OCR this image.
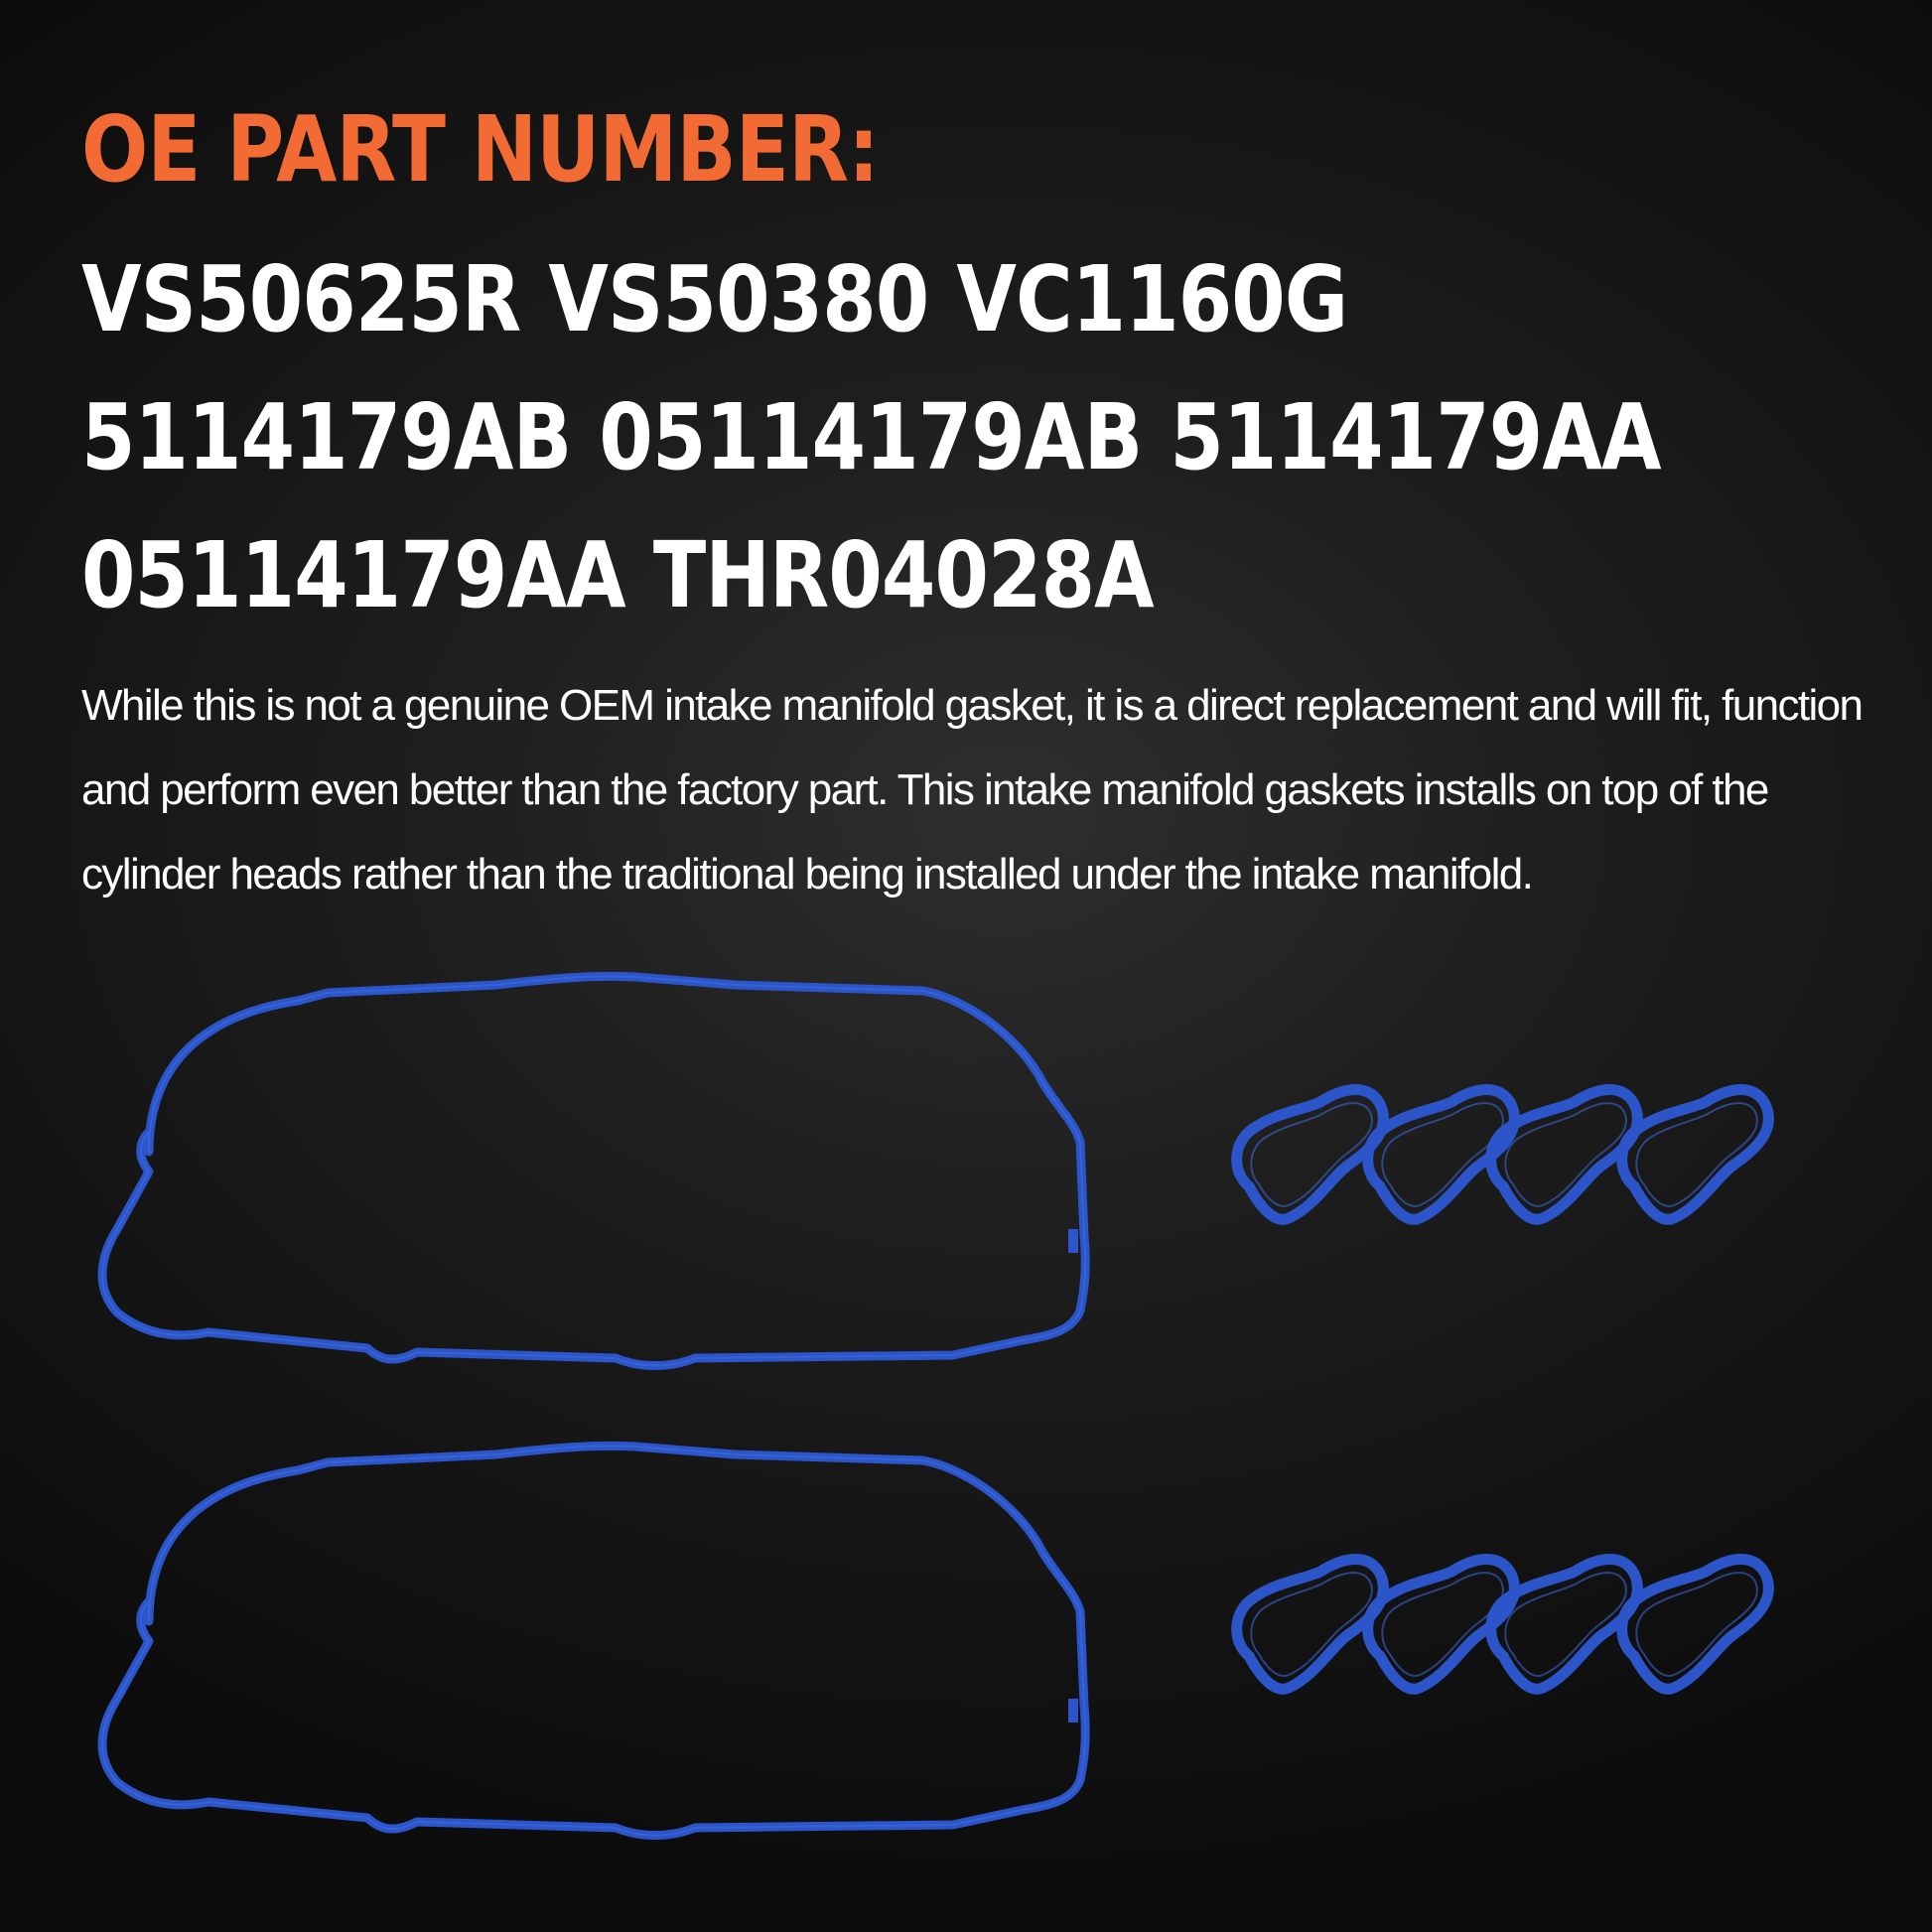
OE PART NUMBER:

VS50625R VS50380 VC1160G 5114179AB 05114179AB 5114179AA 05114179AA THR04028A

While this is not a genuine OEM intake manifold gasket, it is a direct replacement and will fit, function and perform even better than the factory part. This intake manifold gaskets installs on top of the cylinder heads rather than the traditional being installed under the intake manifold.
